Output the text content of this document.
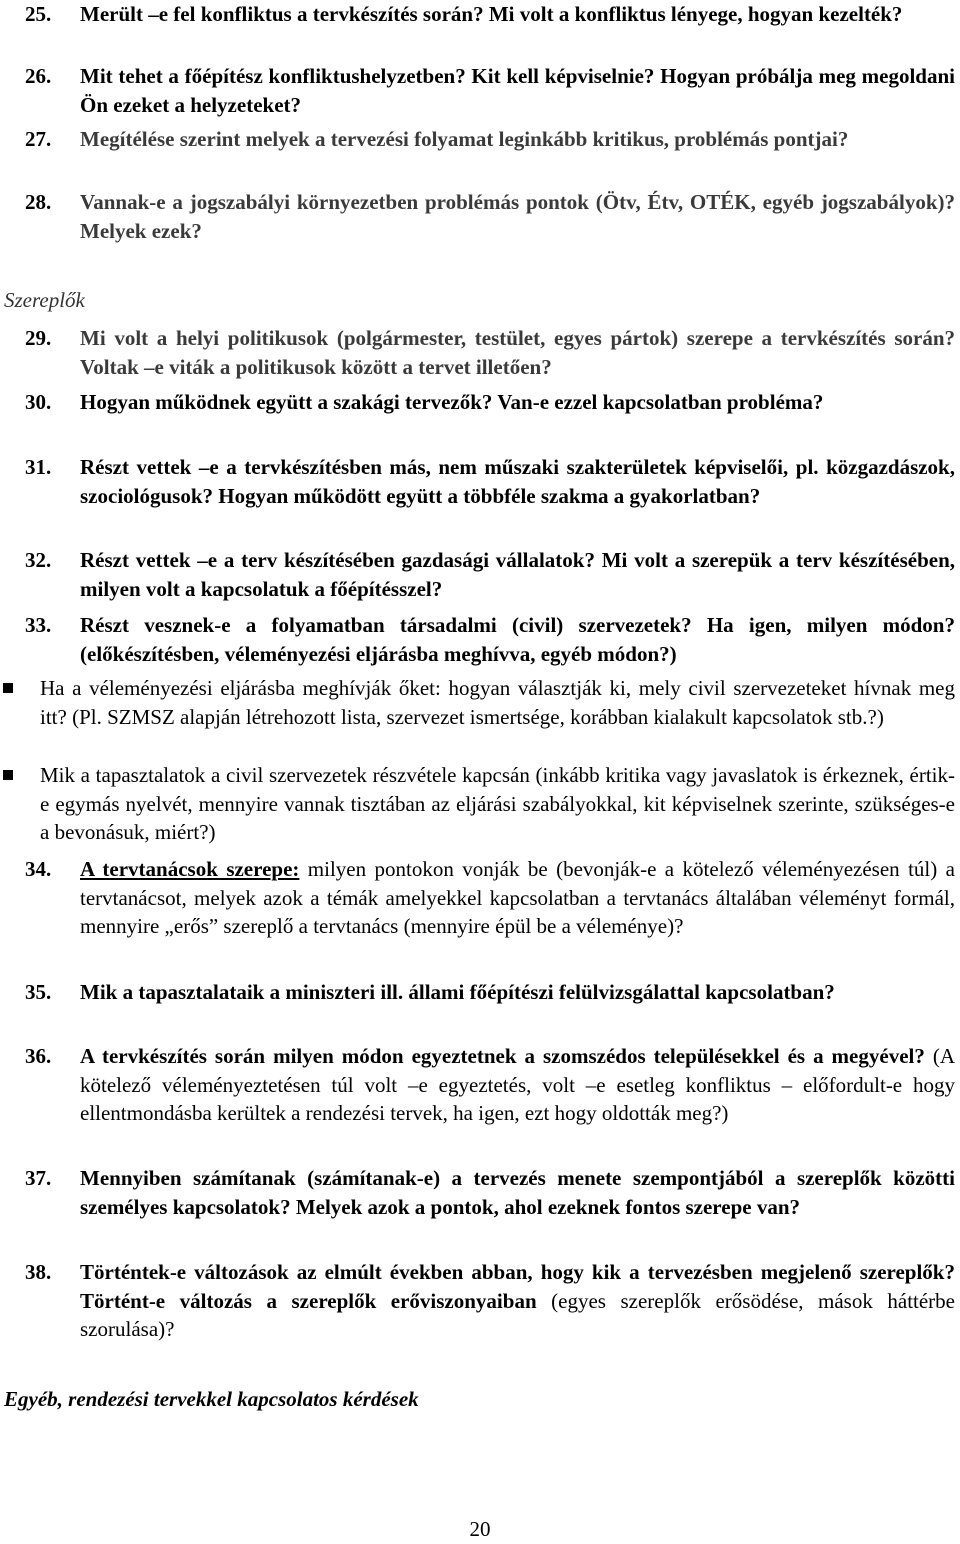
25.	Merült –e fel konfliktus a tervkészítés során? Mi volt a konfliktus lényege, hogyan kezelték?
26.	Mit tehet a főépítész konfliktushelyzetben? Kit kell képviselnie? Hogyan próbálja meg megoldani Ön ezeket a helyzeteket?
27.	Megítélése szerint melyek a tervezési folyamat leginkább kritikus, problémás pontjai?
28.	Vannak-e a jogszabályi környezetben problémás pontok (Ötv, Étv, OTÉK, egyéb jogszabályok)? Melyek ezek?
Szereplők
29.	Mi volt a helyi politikusok (polgármester, testület, egyes pártok) szerepe a tervkészítés során? Voltak –e viták a politikusok között a tervet illetően?
30.	Hogyan működnek együtt a szakági tervezők? Van-e ezzel kapcsolatban probléma?
31.	Részt vettek –e a tervkészítésben más, nem műszaki szakterületek képviselői, pl. közgazdászok, szociológusok? Hogyan működött együtt a többféle szakma a gyakorlatban?
32.	Részt vettek –e a terv készítésében gazdasági vállalatok? Mi volt a szerepük a terv készítésében, milyen volt a kapcsolatuk a főépítésszel?
33.	Részt vesznek-e a folyamatban társadalmi (civil) szervezetek? Ha igen, milyen módon? (előkészítésben, véleményezési eljárásba meghívva, egyéb módon?)
Ha a véleményezési eljárásba meghívják őket: hogyan választják ki, mely civil szervezeteket hívnak meg itt? (Pl. SZMSZ alapján létrehozott lista, szervezet ismertsége, korábban kialakult kapcsolatok stb.?)
Mik a tapasztalatok a civil szervezetek részvétele kapcsán (inkább kritika vagy javaslatok is érkeznek, értik-e egymás nyelvét, mennyire vannak tisztában az eljárási szabályokkal, kit képviselnek szerinte, szükséges-e a bevonásuk, miért?)
34.	A tervtanácsok szerepe: milyen pontokon vonják be (bevonják-e a kötelező véleményezésen túl) a tervtanácsot, melyek azok a témák amelyekkel kapcsolatban a tervtanács általában véleményt formál, mennyire „erős” szereplő a tervtanács (mennyire épül be a véleménye)?
35.	Mik a tapasztalataik a miniszteri ill. állami főépítészi felülvizsgálattal kapcsolatban?
36.	A tervkészítés során milyen módon egyeztetnek a szomszédos településekkel és a megyével? (A kötelező véleményeztetésen túl volt –e egyeztetés, volt –e esetleg konfliktus – előfordult-e hogy ellentmondásba kerültek a rendezési tervek, ha igen, ezt hogy oldották meg?)
37.	Mennyiben számítanak (számítanak-e) a tervezés menete szempontjából a szereplők közötti személyes kapcsolatok? Melyek azok a pontok, ahol ezeknek fontos szerepe van?
38.	Történtek-e változások az elmúlt években abban, hogy kik a tervezésben megjelenő szereplők? Történt-e változás a szereplők erőviszonyaiban (egyes szereplők erősödése, mások háttérbe szorulása)?
Egyéb, rendezési tervekkel kapcsolatos kérdések
20
